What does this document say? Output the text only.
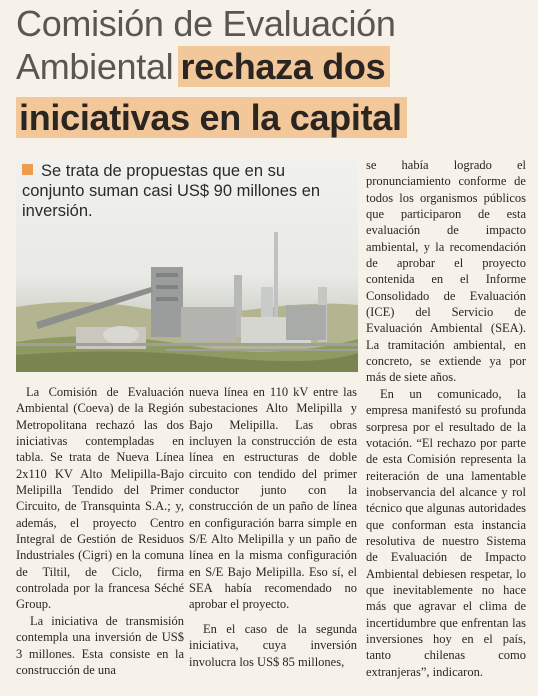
Comisión de Evaluación
Ambiental rechaza dos
iniciativas en la capital
Se trata de propuestas que en su conjunto suman casi US$ 90 millones en inversión.

La Comisión de Evaluación Ambiental (Coeva) de la Región Metropolitana rechazó las dos iniciativas contempladas en tabla. Se trata de Nueva Línea 2x110 KV Alto Melipilla-Bajo Melipilla Tendido del Primer Circuito, de Transquinta S.A.; y, además, el proyecto Centro Integral de Gestión de Residuos Industriales (Cigri) en la comuna de Tiltil, de Ciclo, firma controlada por la francesa Séché Group.

La iniciativa de transmisión contempla una inversión de US$ 3 millones. Esta consiste en la construcción de una

nueva línea en 110 kV entre las subestaciones Alto Melipilla y Bajo Melipilla. Las obras incluyen la construcción de esta línea en estructuras de doble circuito con tendido del primer conductor junto con la construcción de un paño de línea en configuración barra simple en S/E Alto Melipilla y un paño de línea en la misma configuración en S/E Bajo Melipilla. Eso sí, el SEA había recomendado no aprobar el proyecto.

En el caso de la segunda iniciativa, cuya inversión involucra los US$ 85 millones,

se había logrado el pronunciamiento conforme de todos los organismos públicos que participaron de esta evaluación de impacto ambiental, y la recomendación de aprobar el proyecto contenida en el Informe Consolidado de Evaluación (ICE) del Servicio de Evaluación Ambiental (SEA). La tramitación ambiental, en concreto, se extiende ya por más de siete años.

En un comunicado, la empresa manifestó su profunda sorpresa por el resultado de la votación. “El rechazo por parte de esta Comisión representa la reiteración de una lamentable inobservancia del alcance y rol técnico que algunas autoridades que conforman esta instancia resolutiva de nuestro Sistema de Evaluación de Impacto Ambiental debiesen respetar, lo que inevitablemente no hace más que agravar el clima de incertidumbre que enfrentan las inversiones hoy en el país, tanto chilenas como extranjeras”, indicaron.
